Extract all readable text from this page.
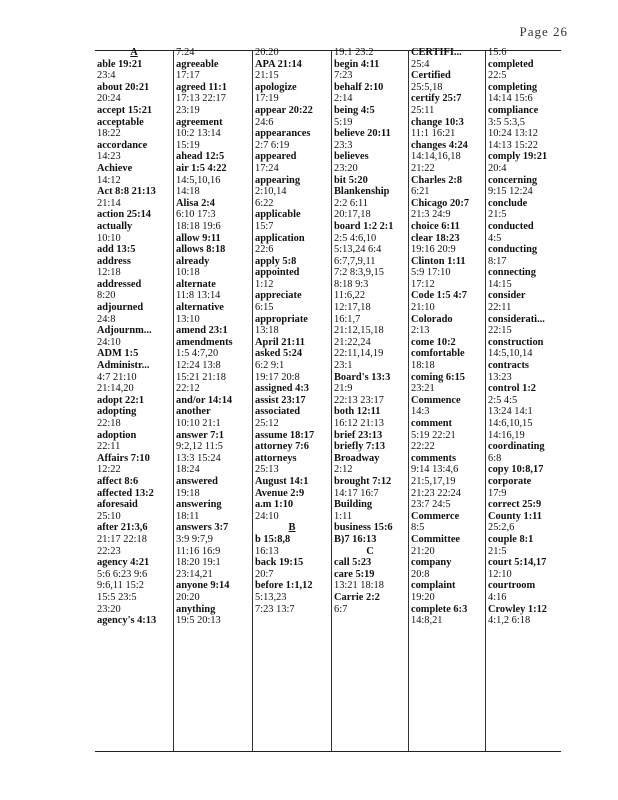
Page 26
A
able 19:21
23:4
about 20:21
20:24
accept 15:21
acceptable
18:22
accordance
14:23
Achieve
14:12
Act 8:8 21:13
21:14
action 25:14
actually
10:10
add 13:5
address
12:18
addressed
8:20
adjourned
24:8
Adjournm...
24:10
ADM 1:5
Administr...
4:7 21:10
21:14,20
adopt 22:1
adopting
22:18
adoption
22:11
Affairs 7:10
12:22
affect 8:6
affected 13:2
aforesaid
25:10
after 21:3,6
21:17 22:18
22:23
agency 4:21
5:6 6:23 9:6
9:6,11 15:2
15:5 23:5
23:20
agency's 4:13
7:24
agreeable
17:17
agreed 11:1
17:13 22:17
23:19
agreement
10:2 13:14
15:19
ahead 12:5
air 1:5 4:22
14:5,10,16
14:18
Alisa 2:4
6:10 17:3
18:18 19:6
allow 9:11
allows 8:18
already
10:18
alternate
11:8 13:14
alternative
13:10
amend 23:1
amendments
1:5 4:7,20
12:24 13:8
15:21 21:18
22:12
and/or 14:14
another
10:10 21:1
answer 7:1
9:2,12 11:5
13:3 15:24
18:24
answered
19:18
answering
18:11
answers 3:7
3:9 9:7,9
11:16 16:9
18:20 19:1
23:14,21
anyone 9:14
20:20
anything
19:5 20:13
20:20
APA 21:14
21:15
apologize
17:19
appear 20:22
24:6
appearances
2:7 6:19
appeared
17:24
appearing
2:10,14
6:22
applicable
15:7
application
22:6
apply 5:8
appointed
1:12
appreciate
6:15
appropriate
13:18
April 21:11
asked 5:24
6:2 9:1
19:17 20:8
assigned 4:3
assist 23:17
associated
25:12
assume 18:17
attorney 7:6
attorneys
25:13
August 14:1
Avenue 2:9
a.m 1:10
24:10
B
b 15:8,8
16:13
back 19:15
20:7
before 1:1,12
5:13,23
7:23 13:7
19:1 23:2
begin 4:11
7:23
behalf 2:10
2:14
being 4:5
5:19
believe 20:11
23:3
believes
23:20
bit 5:20
Blankenship
2:2 6:11
20:17,18
board 1:2 2:1
2:5 4:6,10
5:13,24 6:4
6:7,7,9,11
7:2 8:3,9,15
8:18 9:3
11:6,22
12:17,18
16:1,7
21:12,15,18
21:22,24
22:11,14,19
23:1
Board's 13:3
21:9
22:13 23:17
both 12:11
16:12 21:13
brief 23:13
briefly 7:13
Broadway
2:12
brought 7:12
14:17 16:7
Building
1:11
business 15:6
B)7 16:13
C
call 5:23
care 5:19
13:21 18:18
Carrie 2:2
6:7
CERTIFI...
25:4
Certified
25:5,18
certify 25:7
25:11
change 10:3
11:1 16:21
changes 4:24
14:14,16,18
21:22
Charles 2:8
6:21
Chicago 20:7
21:3 24:9
choice 6:11
clear 18:23
19:16 20:9
Clinton 1:11
5:9 17:10
17:12
Code 1:5 4:7
21:10
Colorado
2:13
come 10:2
comfortable
18:18
coming 6:15
23:21
Commence
14:3
comment
5:19 22:21
22:22
comments
9:14 13:4,6
21:5,17,19
21:23 22:24
23:7 24:5
Commerce
8:5
Committee
21:20
company
20:8
complaint
19:20
complete 6:3
14:8,21
15:6
completed
22:5
completing
14:14 15:6
compliance
3:5 5:3,5
10:24 13:12
14:13 15:22
comply 19:21
20:4
concerning
9:15 12:24
conclude
21:5
conducted
4:5
conducting
8:17
connecting
14:15
consider
22:11
considerati...
22:15
construction
14:5,10,14
contracts
13:23
control 1:2
2:5 4:5
13:24 14:1
14:6,10,15
14:16,19
coordinating
6:8
copy 10:8,17
corporate
17:9
correct 25:9
County 1:11
25:2,6
couple 8:1
21:5
court 5:14,17
12:10
courtroom
4:16
Crowley 1:12
4:1,2 6:18
